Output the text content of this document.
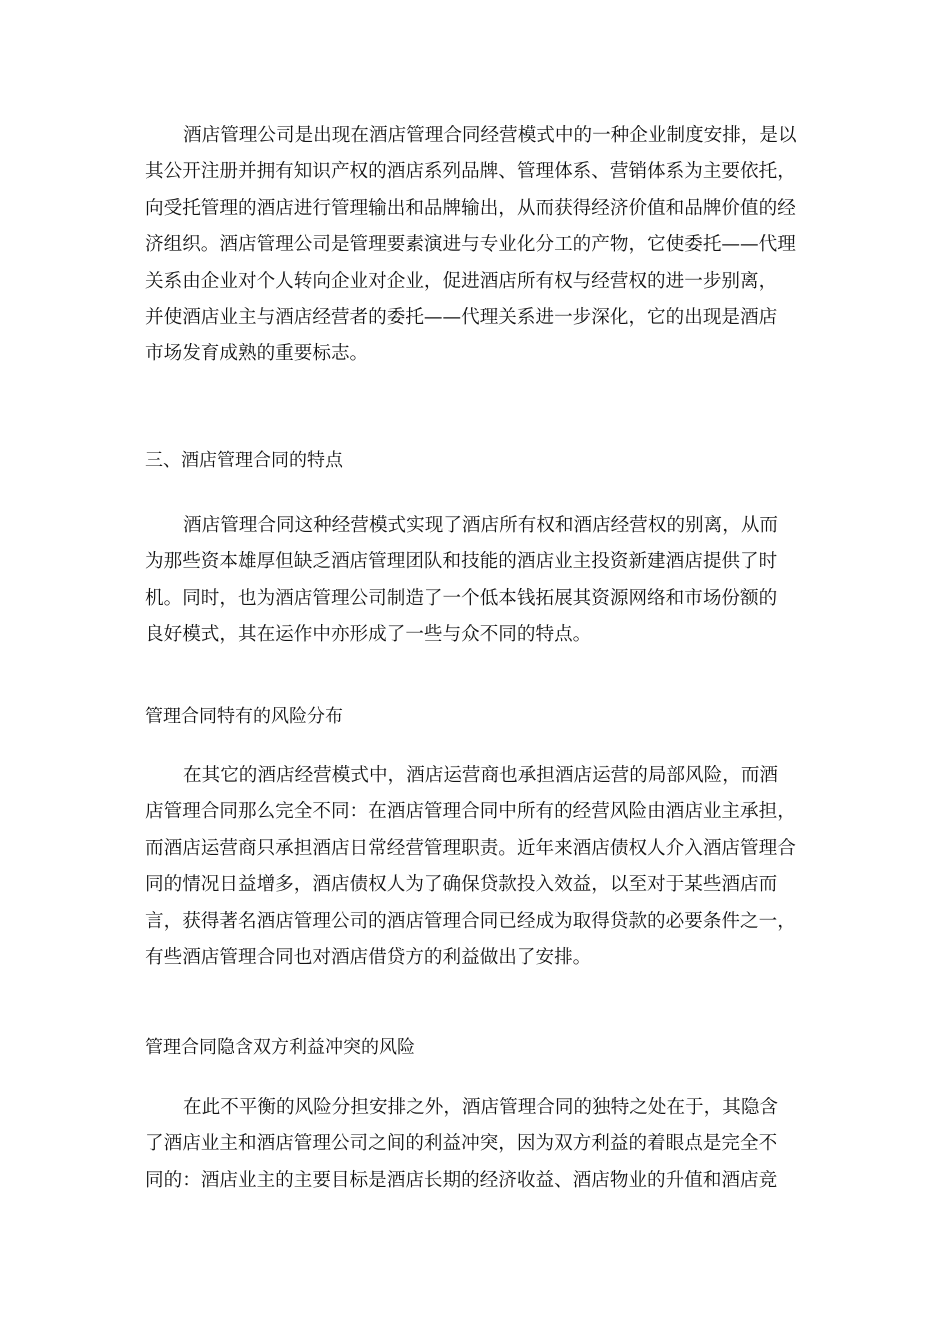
酒店管理公司是出现在酒店管理合同经营模式中的一种企业制度安排，是以
其公开注册并拥有知识产权的酒店系列品牌、管理体系、营销体系为主要依托，
向受托管理的酒店进行管理输出和品牌输出，从而获得经济价值和品牌价值的经
济组织。酒店管理公司是管理要素演进与专业化分工的产物，它使委托——代理
关系由企业对个人转向企业对企业，促进酒店所有权与经营权的进一步别离，
并使酒店业主与酒店经营者的委托——代理关系进一步深化，它的出现是酒店
市场发育成熟的重要标志。
三、酒店管理合同的特点
酒店管理合同这种经营模式实现了酒店所有权和酒店经营权的别离，从而
为那些资本雄厚但缺乏酒店管理团队和技能的酒店业主投资新建酒店提供了时
机。同时，也为酒店管理公司制造了一个低本钱拓展其资源网络和市场份额的
良好模式，其在运作中亦形成了一些与众不同的特点。
管理合同特有的风险分布
在其它的酒店经营模式中，酒店运营商也承担酒店运营的局部风险，而酒
店管理合同那么完全不同：在酒店管理合同中所有的经营风险由酒店业主承担，
而酒店运营商只承担酒店日常经营管理职责。近年来酒店债权人介入酒店管理合
同的情况日益增多，酒店债权人为了确保贷款投入效益，以至对于某些酒店而
言，获得著名酒店管理公司的酒店管理合同已经成为取得贷款的必要条件之一，
有些酒店管理合同也对酒店借贷方的利益做出了安排。
管理合同隐含双方利益冲突的风险
在此不平衡的风险分担安排之外，酒店管理合同的独特之处在于，其隐含
了酒店业主和酒店管理公司之间的利益冲突，因为双方利益的着眼点是完全不
同的：酒店业主的主要目标是酒店长期的经济收益、酒店物业的升值和酒店竞
